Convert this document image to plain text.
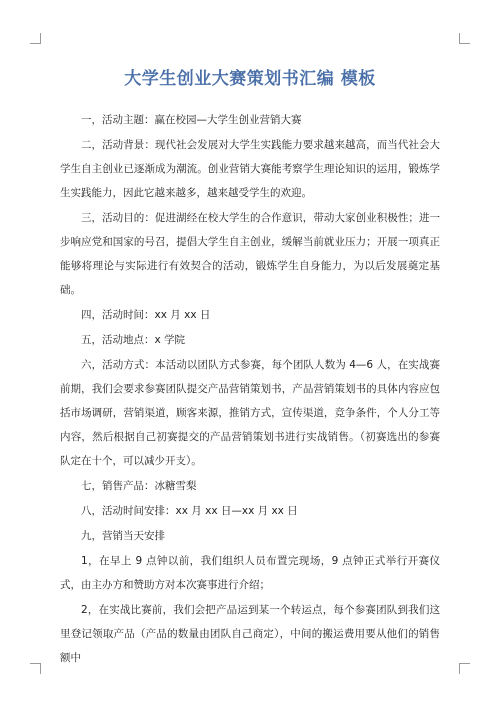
大学生创业大赛策划书汇编 模板

一，活动主题：赢在校园—大学生创业营销大赛

二，活动背景：现代社会发展对大学生实践能力要求越来越高，而当代社会大学生自主创业已逐渐成为潮流。创业营销大赛能考察学生理论知识的运用，锻炼学生实践能力，因此它越来越多，越来越受学生的欢迎。

三，活动目的：促进湖经在校大学生的合作意识，带动大家创业积极性；进一步响应党和国家的号召，提倡大学生自主创业，缓解当前就业压力；开展一项真正能够将理论与实际进行有效契合的活动，锻炼学生自身能力，为以后发展奠定基础。

四，活动时间：xx 月 xx 日

五，活动地点：x 学院

六，活动方式：本活动以团队方式参赛，每个团队人数为 4—6 人，在实战赛前期，我们会要求参赛团队提交产品营销策划书，产品营销策划书的具体内容应包括市场调研，营销渠道，顾客来源，推销方式，宣传渠道，竞争条件，个人分工等内容，然后根据自己初赛提交的产品营销策划书进行实战销售。（初赛选出的参赛队定在十个，可以减少开支）。

七，销售产品：冰糖雪梨

八，活动时间安排：xx 月 xx 日—xx 月 xx 日

九，营销当天安排

1，在早上 9 点钟以前，我们组织人员布置完现场，9 点钟正式举行开赛仪式，由主办方和赞助方对本次赛事进行介绍；

2，在实战比赛前，我们会把产品运到某一个转运点，每个参赛团队到我们这里登记领取产品（产品的数量由团队自己商定），中间的搬运费用要从他们的销售额中
